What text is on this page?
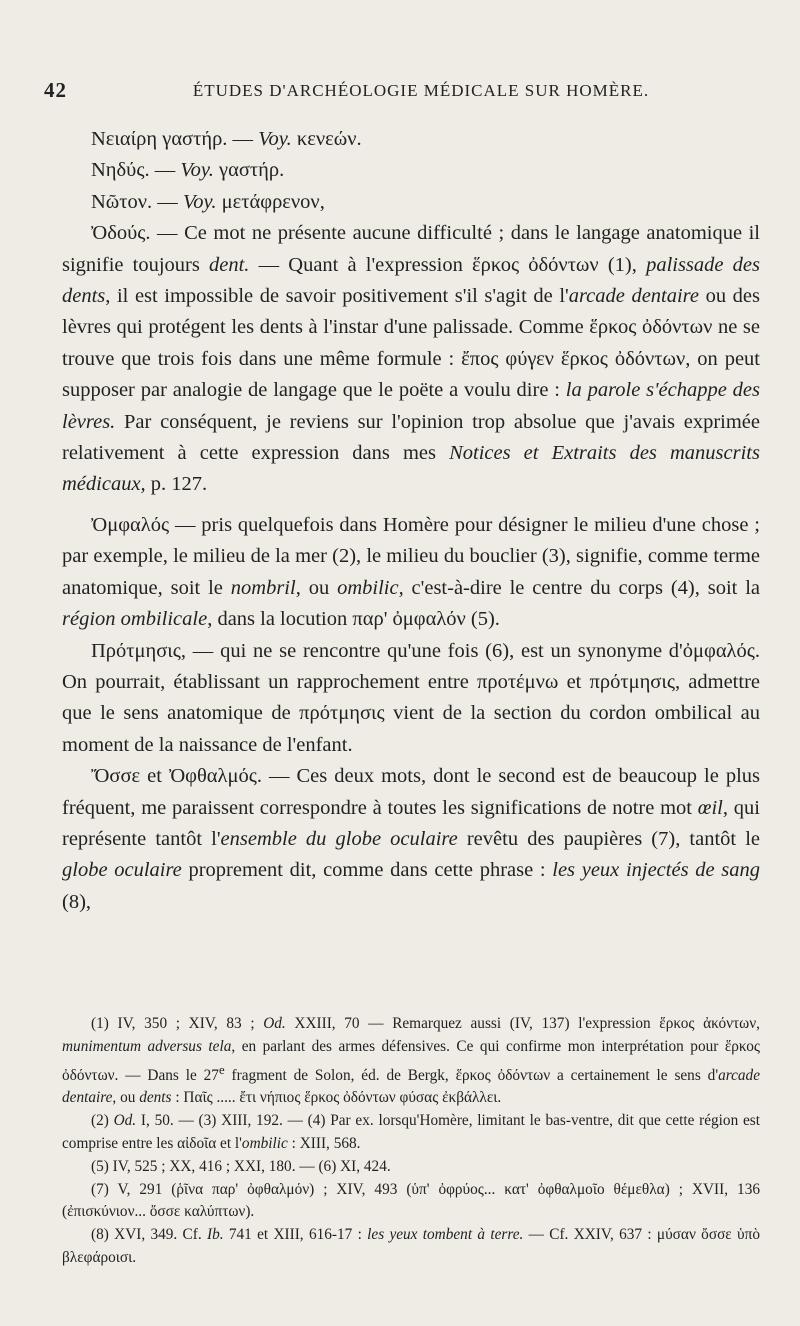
42	ÉTUDES D'ARCHÉOLOGIE MÉDICALE SUR HOMÈRE.

Νειαίρη γαστήρ. — Voy. κενεών.

Νηδύς. — Voy. γαστήρ.

Νῶτον. — Voy. μετάφρενον,

Ὀδούς. — Ce mot ne présente aucune difficulté ; dans le langage anatomique il signifie toujours dent. — Quant à l'expression ἕρκος ὀδόντων (1), palissade des dents, il est impossible de savoir positivement s'il s'agit de l'arcade dentaire ou des lèvres qui protégent les dents à l'instar d'une palissade. Comme ἕρκος ὀδόντων ne se trouve que trois fois dans une même formule : ἔπος φύγεν ἕρκος ὀδόντων, on peut supposer par analogie de langage que le poëte a voulu dire : la parole s'échappe des lèvres. Par conséquent, je reviens sur l'opinion trop absolue que j'avais exprimée relativement à cette expression dans mes Notices et Extraits des manuscrits médicaux, p. 127.

Ὀμφαλός — pris quelquefois dans Homère pour désigner le milieu d'une chose ; par exemple, le milieu de la mer (2), le milieu du bouclier (3), signifie, comme terme anatomique, soit le nombril, ou ombilic, c'est-à-dire le centre du corps (4), soit la région ombilicale, dans la locution παρ' ὀμφαλόν (5).

Πρότμησις, — qui ne se rencontre qu'une fois (6), est un synonyme d'ὀμφαλός. On pourrait, établissant un rapprochement entre προτέμνω et πρότμησις, admettre que le sens anatomique de πρότμησις vient de la section du cordon ombilical au moment de la naissance de l'enfant.

Ὄσσε et Ὀφθαλμός. — Ces deux mots, dont le second est de beaucoup le plus fréquent, me paraissent correspondre à toutes les significations de notre mot œil, qui représente tantôt l'ensemble du globe oculaire revêtu des paupières (7), tantôt le globe oculaire proprement dit, comme dans cette phrase : les yeux injectés de sang (8),

(1) IV, 350 ; XIV, 83 ; Od. XXIII, 70 — Remarquez aussi (IV, 137) l'expression ἕρκος ἀκόντων, munimentum adversus tela, en parlant des armes défensives. Ce qui confirme mon interprétation pour ἕρκος ὀδόντων. — Dans le 27e fragment de Solon, éd. de Bergk, ἕρκος ὀδόντων a certainement le sens d'arcade dentaire, ou dents : Παῖς ..... ἔτι νήπιος ἕρκος ὀδόντων φύσας ἐκβάλλει.

(2) Od. I, 50. — (3) XIII, 192. — (4) Par ex. lorsqu'Homère, limitant le bas-ventre, dit que cette région est comprise entre les αἰδοῖα et l'ombilic : XIII, 568.

(5) IV, 525 ; XX, 416 ; XXI, 180. — (6) XI, 424.

(7) V, 291 (ῥῖνα παρ' ὀφθαλμόν) ; XIV, 493 (ὑπ' ὀφρύος... κατ' ὀφθαλμοῖο θέμεθλα) ; XVII, 136 (ἐπισκύνιον... ὄσσε καλύπτων).

(8) XVI, 349. Cf. Ib. 741 et XIII, 616-17 : les yeux tombent à terre. — Cf. XXIV, 637 : μύσαν ὄσσε ὑπὸ βλεφάροισι.
